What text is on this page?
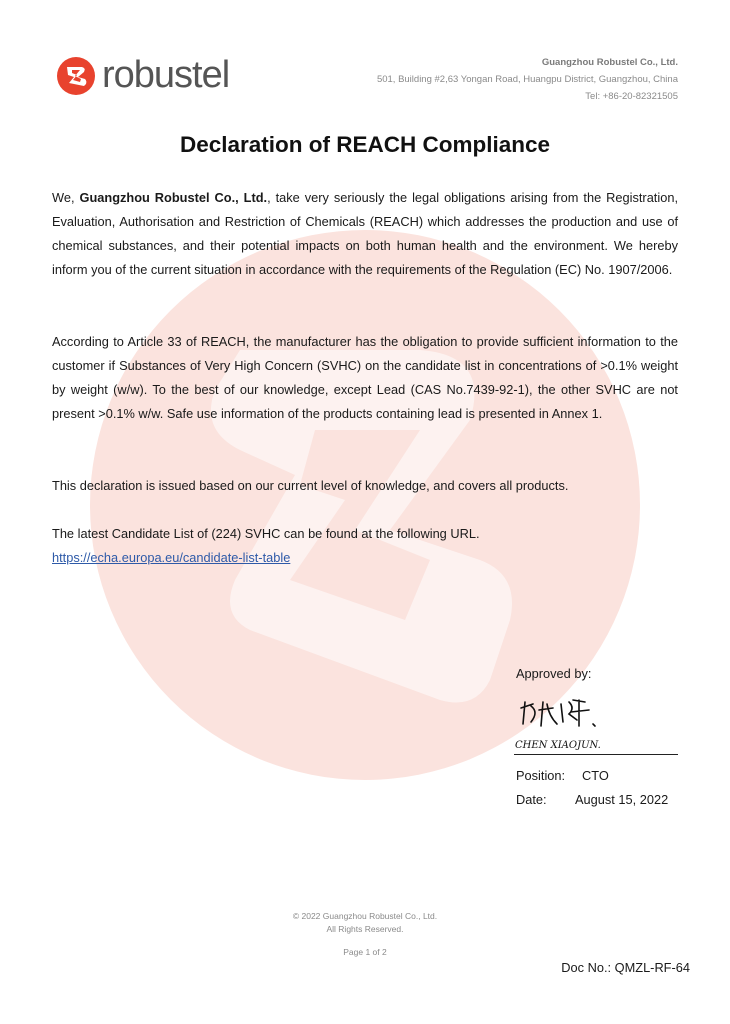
robustel	Guangzhou Robustel Co., Ltd.
501, Building #2,63 Yongan Road, Huangpu District, Guangzhou, China
Tel: +86-20-82321505
Declaration of REACH Compliance
We, Guangzhou Robustel Co., Ltd., take very seriously the legal obligations arising from the Registration, Evaluation, Authorisation and Restriction of Chemicals (REACH) which addresses the production and use of chemical substances, and their potential impacts on both human health and the environment. We hereby inform you of the current situation in accordance with the requirements of the Regulation (EC) No. 1907/2006.
According to Article 33 of REACH, the manufacturer has the obligation to provide sufficient information to the customer if Substances of Very High Concern (SVHC) on the candidate list in concentrations of >0.1% weight by weight (w/w). To the best of our knowledge, except Lead (CAS No.7439-92-1), the other SVHC are not present >0.1% w/w. Safe use information of the products containing lead is presented in Annex 1.
This declaration is issued based on our current level of knowledge, and covers all products.
The latest Candidate List of (224) SVHC can be found at the following URL.
https://echa.europa.eu/candidate-list-table
Approved by:
CHEN XIAOJUN.
Position: CTO
Date: August 15, 2022
© 2022 Guangzhou Robustel Co., Ltd.
All Rights Reserved.
Page 1 of 2
Doc No.: QMZL-RF-64
